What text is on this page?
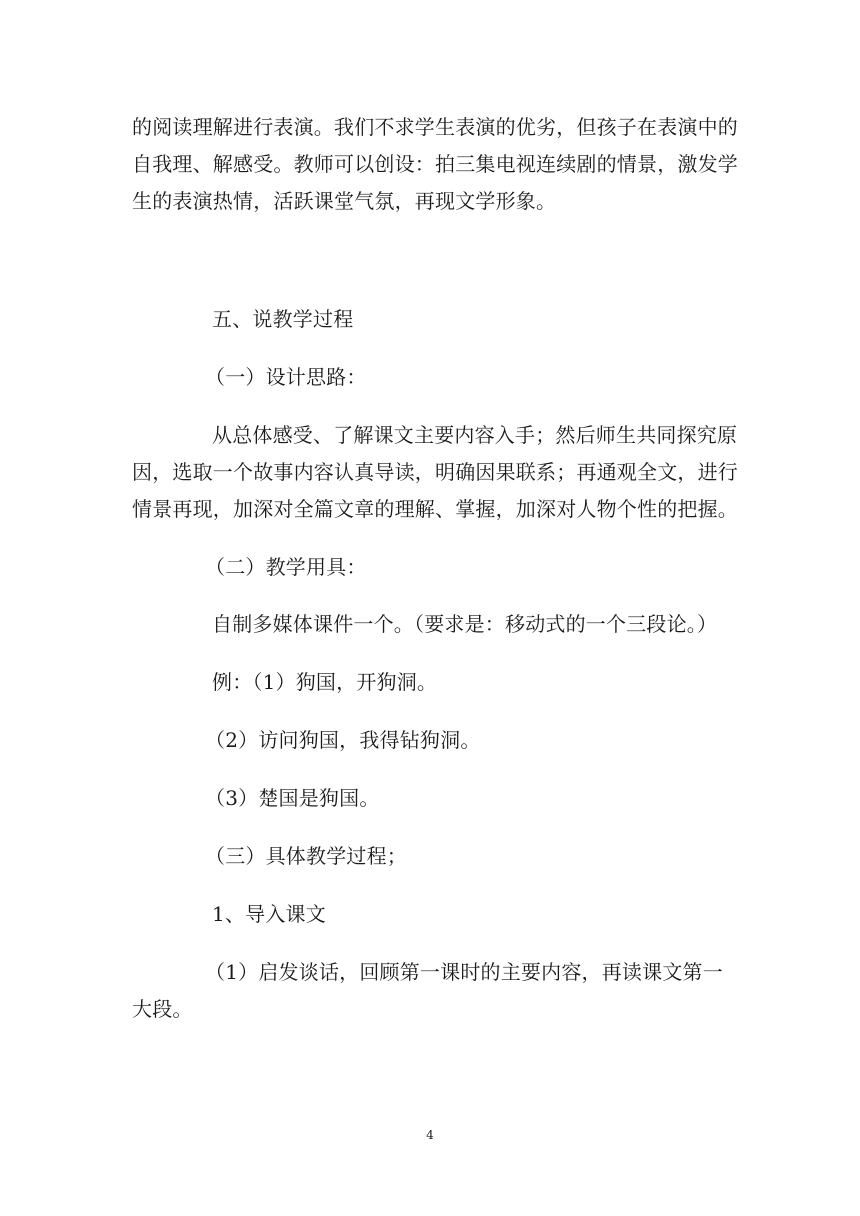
的阅读理解进行表演。我们不求学生表演的优劣，但孩子在表演中的
自我理、解感受。教师可以创设：拍三集电视连续剧的情景，激发学
生的表演热情，活跃课堂气氛，再现文学形象。
五、说教学过程
（一）设计思路：
从总体感受、了解课文主要内容入手；然后师生共同探究原
因，选取一个故事内容认真导读，明确因果联系；再通观全文，进行
情景再现，加深对全篇文章的理解、掌握，加深对人物个性的把握。
（二）教学用具：
自制多媒体课件一个。（要求是：移动式的一个三段论。）
例：（1）狗国，开狗洞。
（2）访问狗国，我得钻狗洞。
（3）楚国是狗国。
（三）具体教学过程；
1、导入课文
（1）启发谈话，回顾第一课时的主要内容，再读课文第一
大段。
4
